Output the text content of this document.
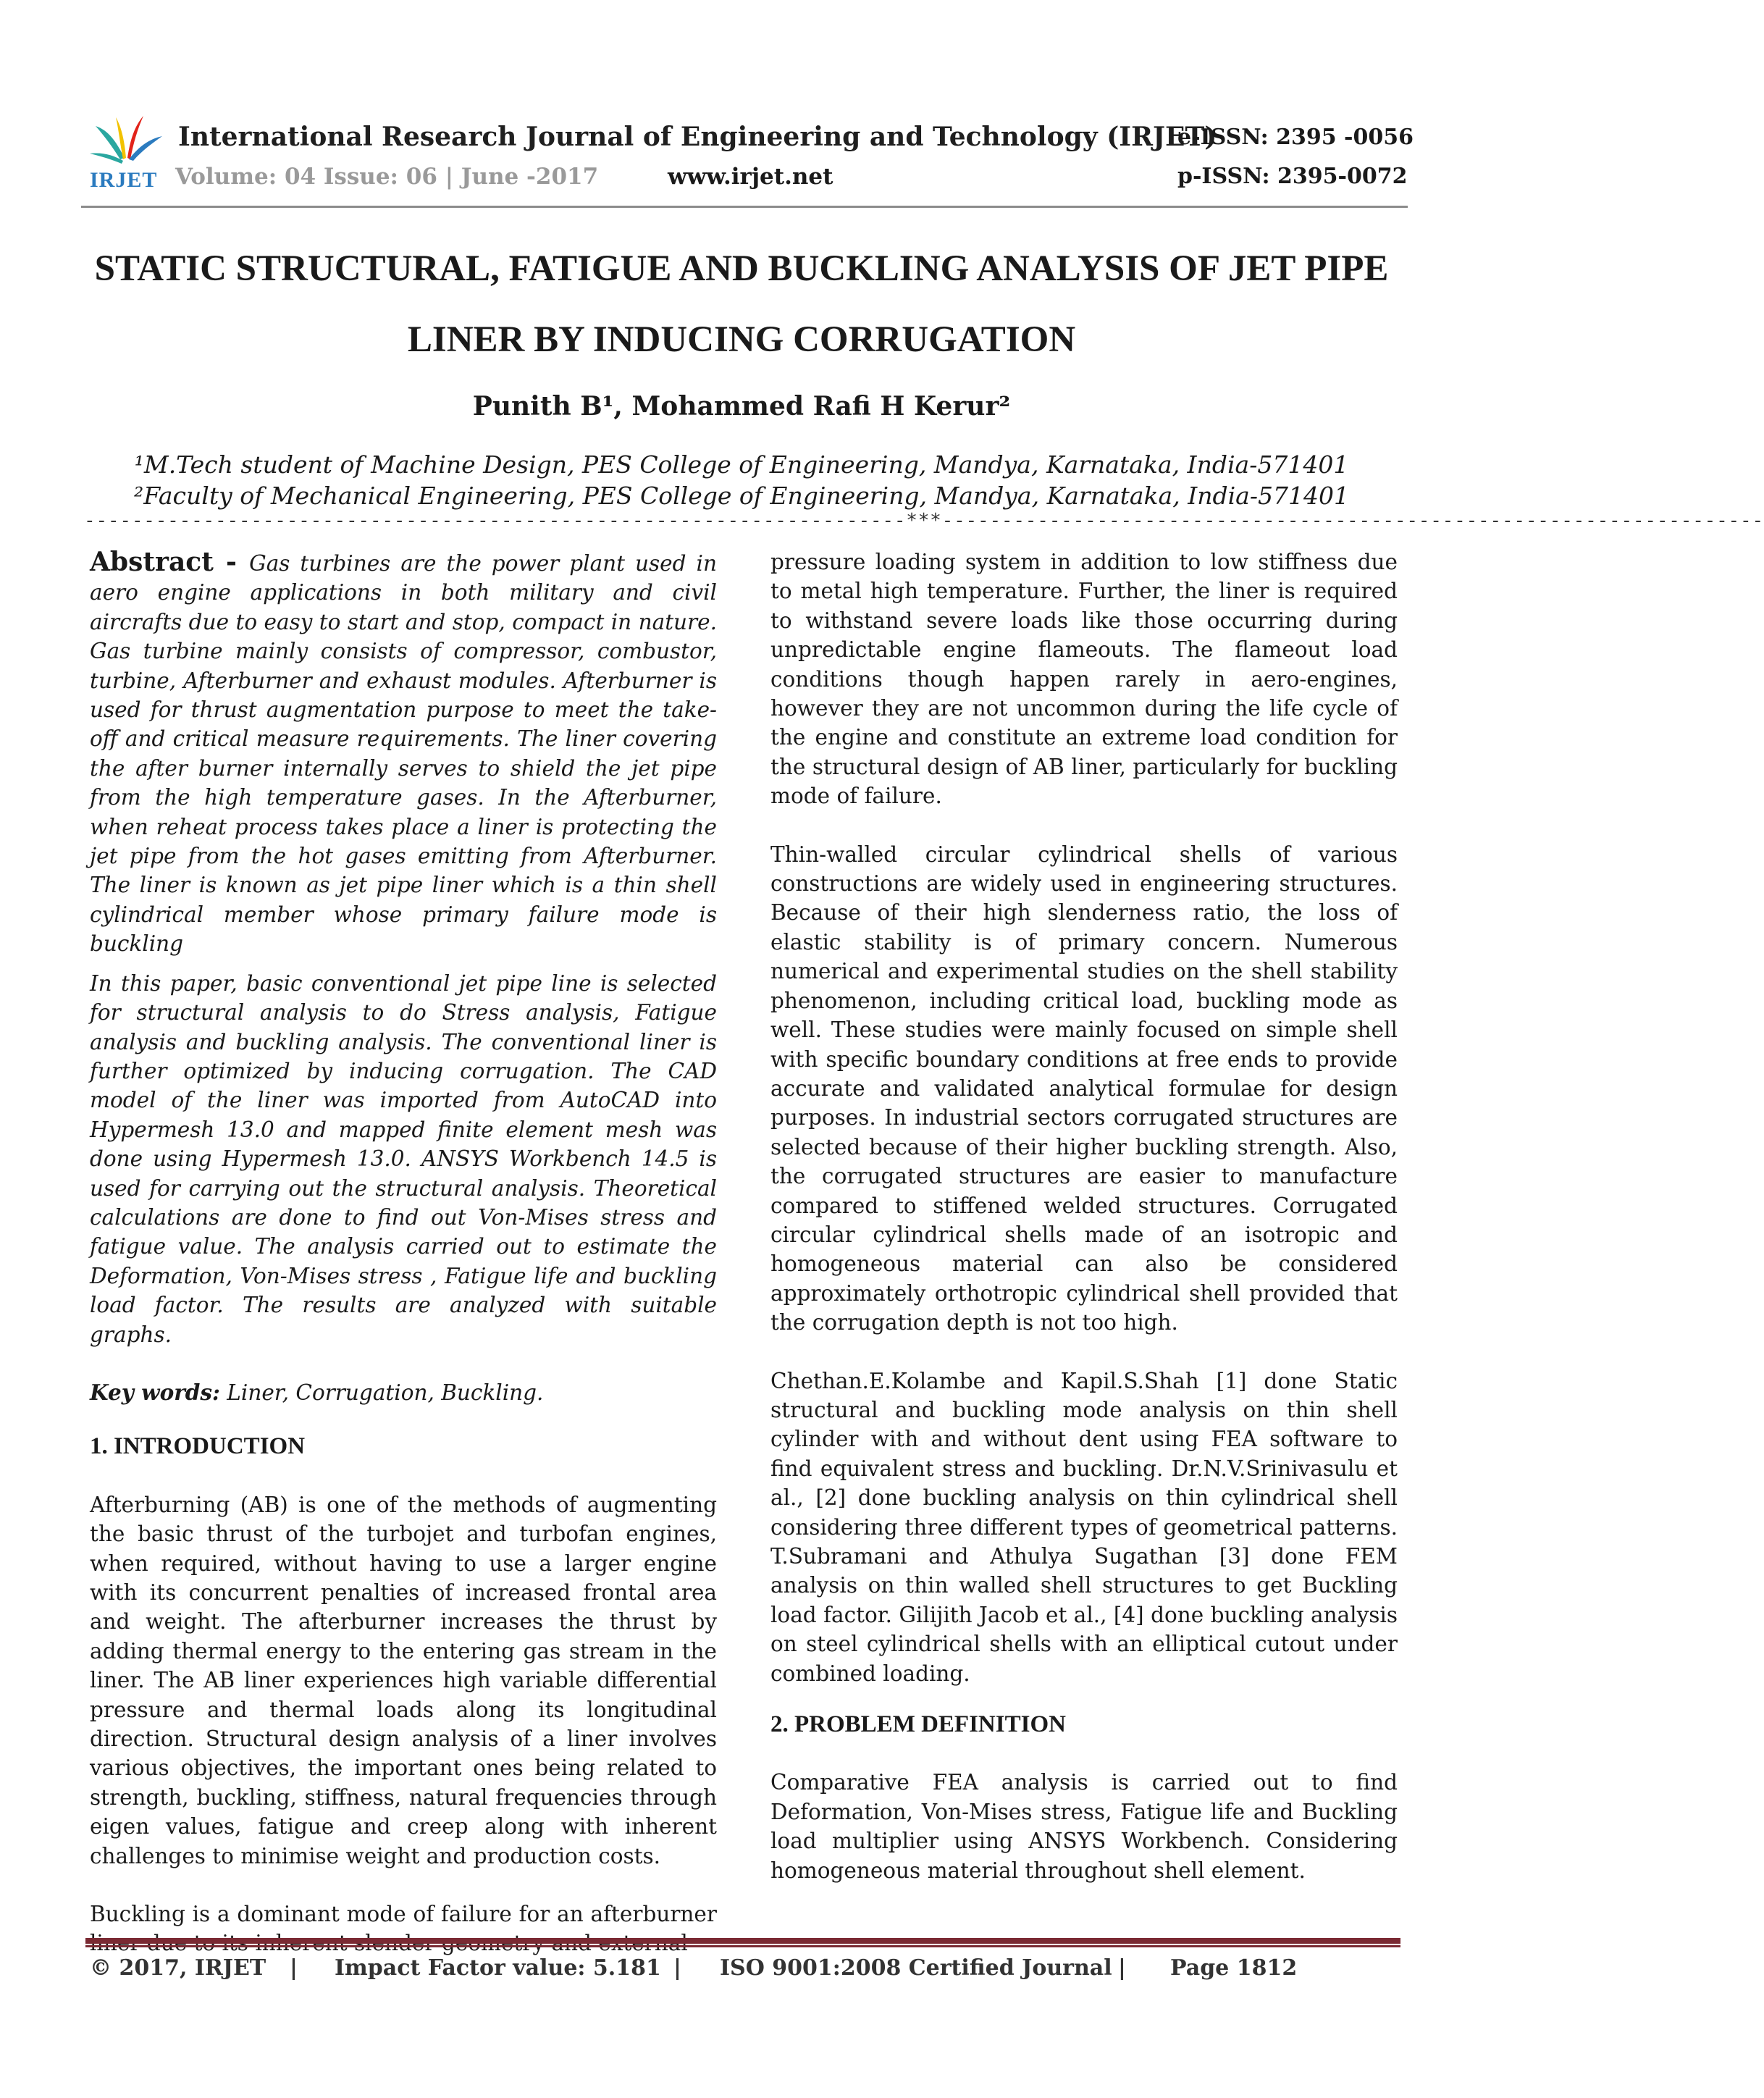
IRJET
International Research Journal of Engineering and Technology (IRJET)
e-ISSN: 2395 -0056
Volume: 04 Issue: 06 | June -2017	www.irjet.net	p-ISSN: 2395-0072
STATIC STRUCTURAL, FATIGUE AND BUCKLING ANALYSIS OF JET PIPE
LINER BY INDUCING CORRUGATION
Punith B¹, Mohammed Rafi H Kerur²
¹M.Tech student of Machine Design, PES College of Engineering, Mandya, Karnataka, India-571401
²Faculty of Mechanical Engineering, PES College of Engineering, Mandya, Karnataka, India-571401
---------------------------------------------------------------------***---------------------------------------------------------------------

Abstract - Gas turbines are the power plant used in aero engine applications in both military and civil aircrafts due to easy to start and stop, compact in nature. Gas turbine mainly consists of compressor, combustor, turbine, Afterburner and exhaust modules. Afterburner is used for thrust augmentation purpose to meet the take-off and critical measure requirements. The liner covering the after burner internally serves to shield the jet pipe from the high temperature gases. In the Afterburner, when reheat process takes place a liner is protecting the jet pipe from the hot gases emitting from Afterburner. The liner is known as jet pipe liner which is a thin shell cylindrical member whose primary failure mode is buckling

In this paper, basic conventional jet pipe line is selected for structural analysis to do Stress analysis, Fatigue analysis and buckling analysis. The conventional liner is further optimized by inducing corrugation. The CAD model of the liner was imported from AutoCAD into Hypermesh 13.0 and mapped finite element mesh was done using Hypermesh 13.0. ANSYS Workbench 14.5 is used for carrying out the structural analysis. Theoretical calculations are done to find out Von-Mises stress and fatigue value. The analysis carried out to estimate the Deformation, Von-Mises stress , Fatigue life and buckling load factor. The results are analyzed with suitable graphs.

Key words: Liner, Corrugation, Buckling.

1. INTRODUCTION

Afterburning (AB) is one of the methods of augmenting the basic thrust of the turbojet and turbofan engines, when required, without having to use a larger engine with its concurrent penalties of increased frontal area and weight. The afterburner increases the thrust by adding thermal energy to the entering gas stream in the liner. The AB liner experiences high variable differential pressure and thermal loads along its longitudinal direction. Structural design analysis of a liner involves various objectives, the important ones being related to strength, buckling, stiffness, natural frequencies through eigen values, fatigue and creep along with inherent challenges to minimise weight and production costs.

Buckling is a dominant mode of failure for an afterburner

pressure loading system in addition to low stiffness due to metal high temperature. Further, the liner is required to withstand severe loads like those occurring during unpredictable engine flameouts. The flameout load conditions though happen rarely in aero-engines, however they are not uncommon during the life cycle of the engine and constitute an extreme load condition for the structural design of AB liner, particularly for buckling mode of failure.

Thin-walled circular cylindrical shells of various constructions are widely used in engineering structures. Because of their high slenderness ratio, the loss of elastic stability is of primary concern. Numerous numerical and experimental studies on the shell stability phenomenon, including critical load, buckling mode as well. These studies were mainly focused on simple shell with specific boundary conditions at free ends to provide accurate and validated analytical formulae for design purposes. In industrial sectors corrugated structures are selected because of their higher buckling strength. Also, the corrugated structures are easier to manufacture compared to stiffened welded structures. Corrugated circular cylindrical shells made of an isotropic and homogeneous material can also be considered approximately orthotropic cylindrical shell provided that the corrugation depth is not too high.

Chethan.E.Kolambe and Kapil.S.Shah [1] done Static structural and buckling mode analysis on thin shell cylinder with and without dent using FEA software to find equivalent stress and buckling. Dr.N.V.Srinivasulu et al., [2] done buckling analysis on thin cylindrical shell considering three different types of geometrical patterns. T.Subramani and Athulya Sugathan [3] done FEM analysis on thin walled shell structures to get Buckling load factor. Gilijith Jacob et al., [4] done buckling analysis on steel cylindrical shells with an elliptical cutout under combined loading.

2. PROBLEM DEFINITION

Comparative FEA analysis is carried out to find Deformation, Von-Mises stress, Fatigue life and Buckling load multiplier using ANSYS Workbench. Considering homogeneous material throughout shell element.

© 2017, IRJET | Impact Factor value: 5.181 | ISO 9001:2008 Certified Journal | Page 1812
